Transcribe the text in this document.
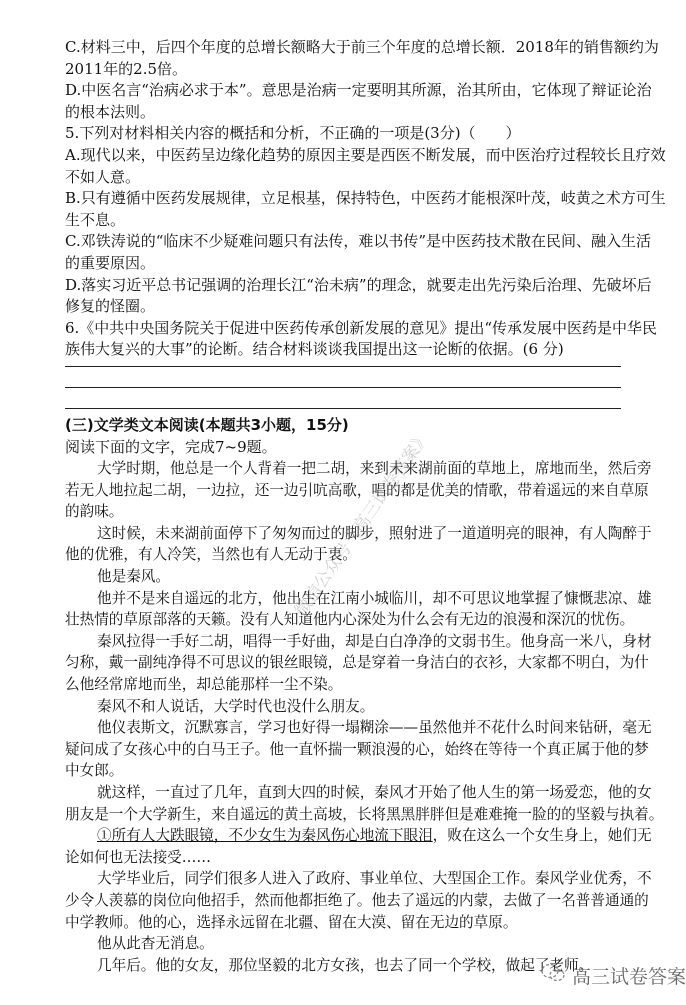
C.材料三中，后四个年度的总增长额略大于前三个年度的总增长额．2018年的销售额约为
2011年的2.5倍。
D.中医名言“治病必求于本”。意思是治病一定要明其所源，治其所由，它体现了辩证论治
的根本法则。
5.下列对材料相关内容的概括和分析，不正确的一项是(3分)（　　）
A.现代以来，中医药呈边缘化趋势的原因主要是西医不断发展，而中医治疗过程较长且疗效
不如人意。
B.只有遵循中医药发展规律，立足根基，保持特色，中医药才能根深叶茂，岐黄之术方可生
生不息。
C.邓铁涛说的“临床不少疑难问题只有法传，难以书传”是中医药技术散在民间、融入生活
的重要原因。
D.落实习近平总书记强调的治理长江“治未病”的理念，就要走出先污染后治理、先破坏后
修复的怪圈。
6.《中共中央国务院关于促进中医药传承创新发展的意见》提出“传承发展中医药是中华民
族伟大复兴的大事”的论断。结合材料谈谈我国提出这一论断的依据。(6 分)
(三)文学类文本阅读(本题共3小题，15分)
阅读下面的文字，完成7~9题。
大学时期，他总是一个人背着一把二胡，来到未来湖前面的草地上，席地而坐，然后旁
若无人地拉起二胡，一边拉，还一边引吭高歌，唱的都是优美的情歌，带着遥远的来自草原
的韵味。
这时候，未来湖前面停下了匆匆而过的脚步，照射进了一道道明亮的眼神，有人陶醉于
他的优雅，有人冷笑，当然也有人无动于衷。
他是秦风。
他并不是来自遥远的北方，他出生在江南小城临川，却不可思议地掌握了慷慨悲凉、雄
壮热情的草原部落的天籁。没有人知道他内心深处为什么会有无边的浪漫和深沉的忧伤。
秦风拉得一手好二胡，唱得一手好曲，却是白白净净的文弱书生。他身高一米八，身材
匀称，戴一副纯净得不可思议的银丝眼镜，总是穿着一身洁白的衣衫，大家都不明白，为什
么他经常席地而坐，却总能那样一尘不染。
秦风不和人说话，大学时代也没什么朋友。
他仪表斯文，沉默寡言，学习也好得一塌糊涂——虽然他并不花什么时间来钻研，毫无
疑问成了女孩心中的白马王子。他一直怀揣一颗浪漫的心，始终在等待一个真正属于他的梦
中女郎。
就这样，一直过了几年，直到大四的时候，秦风才开始了他人生的第一场爱恋，他的女
朋友是一个大学新生，来自遥远的黄土高坡，长将黑黑胖胖但是难难掩一脸的的坚毅与执着。
①所有人大跌眼镜，不少女生为秦风伤心地流下眼泪，败在这么一个女生身上，她们无
论如何也无法接受……
大学毕业后，同学们很多人进入了政府、事业单位、大型国企工作。秦风学业优秀，不
少令人羡慕的岗位向他招手，然而他都拒绝了。他去了遥远的内蒙，去做了一名普普通通的
中学教师。他的心，选择永远留在北疆、留在大漠、留在无边的草原。
他从此杳无消息。
几年后。他的女友，那位坚毅的北方女孩，也去了同一个学校，做起了老师。
微信公众号《高三试卷答案》
高三试卷答案
